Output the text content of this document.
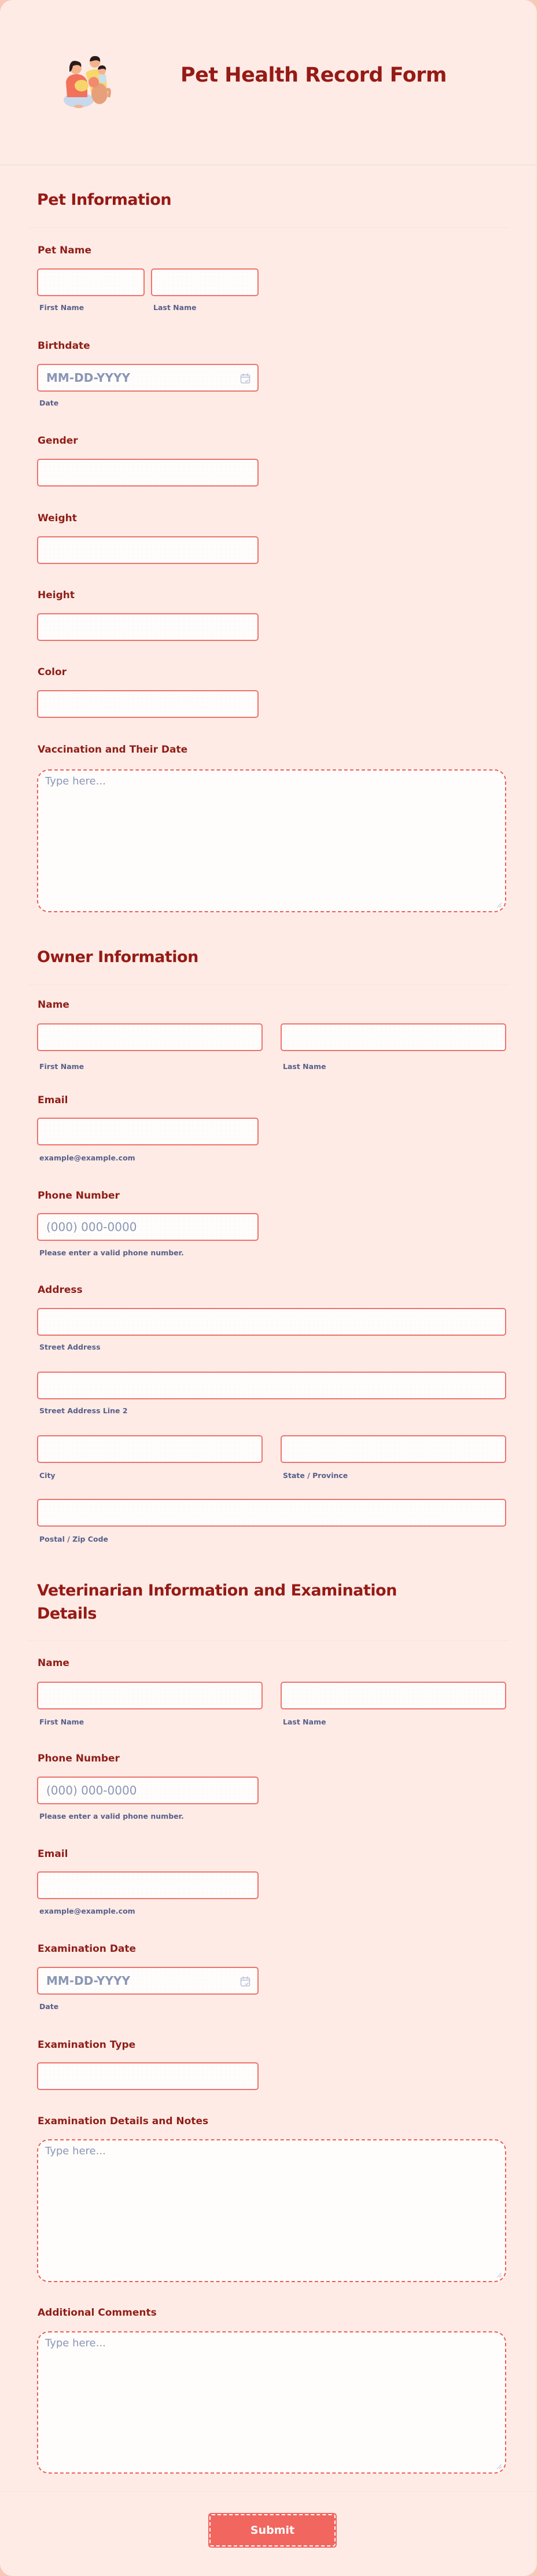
Pet Health Record Form
Pet Information
Pet Name
First Name	Last Name
Birthdate
MM-DD-YYYY
Date
Gender
Weight
Height
Color
Vaccination and Their Date
Type here...
Owner Information
Name
First Name	Last Name
Email
example@example.com
Phone Number
(000) 000-0000
Please enter a valid phone number.
Address
Street Address
Street Address Line 2
City	State / Province
Postal / Zip Code
Veterinarian Information and Examination
Details
Name
First Name	Last Name
Phone Number
(000) 000-0000
Please enter a valid phone number.
Email
example@example.com
Examination Date
MM-DD-YYYY
Date
Examination Type
Examination Details and Notes
Type here...
Additional Comments
Type here...
Submit
